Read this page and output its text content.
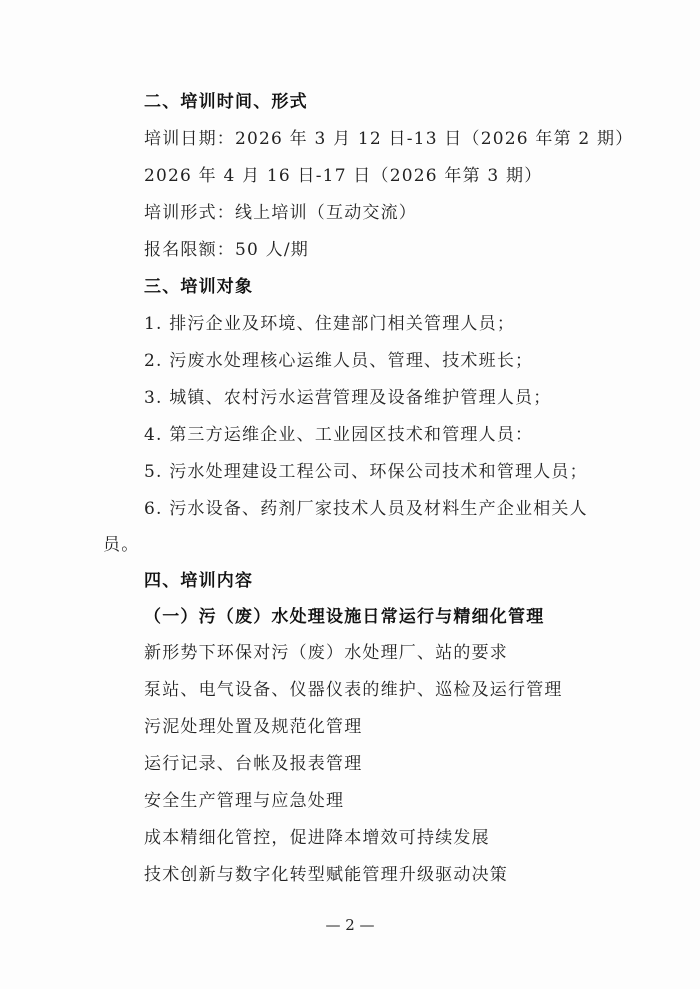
二、培训时间、形式
培训日期：2026 年 3 月 12 日-13 日（2026 年第 2 期）
2026 年 4 月 16 日-17 日（2026 年第 3 期）
培训形式：线上培训（互动交流）
报名限额：50 人/期
三、培训对象
1. 排污企业及环境、住建部门相关管理人员；
2. 污废水处理核心运维人员、管理、技术班长；
3. 城镇、农村污水运营管理及设备维护管理人员；
4. 第三方运维企业、工业园区技术和管理人员：
5. 污水处理建设工程公司、环保公司技术和管理人员；
6. 污水设备、药剂厂家技术人员及材料生产企业相关人
员。
四、培训内容
（一）污（废）水处理设施日常运行与精细化管理
新形势下环保对污（废）水处理厂、站的要求
泵站、电气设备、仪器仪表的维护、巡检及运行管理
污泥处理处置及规范化管理
运行记录、台帐及报表管理
安全生产管理与应急处理
成本精细化管控，促进降本增效可持续发展
技术创新与数字化转型赋能管理升级驱动决策
— 2 —
